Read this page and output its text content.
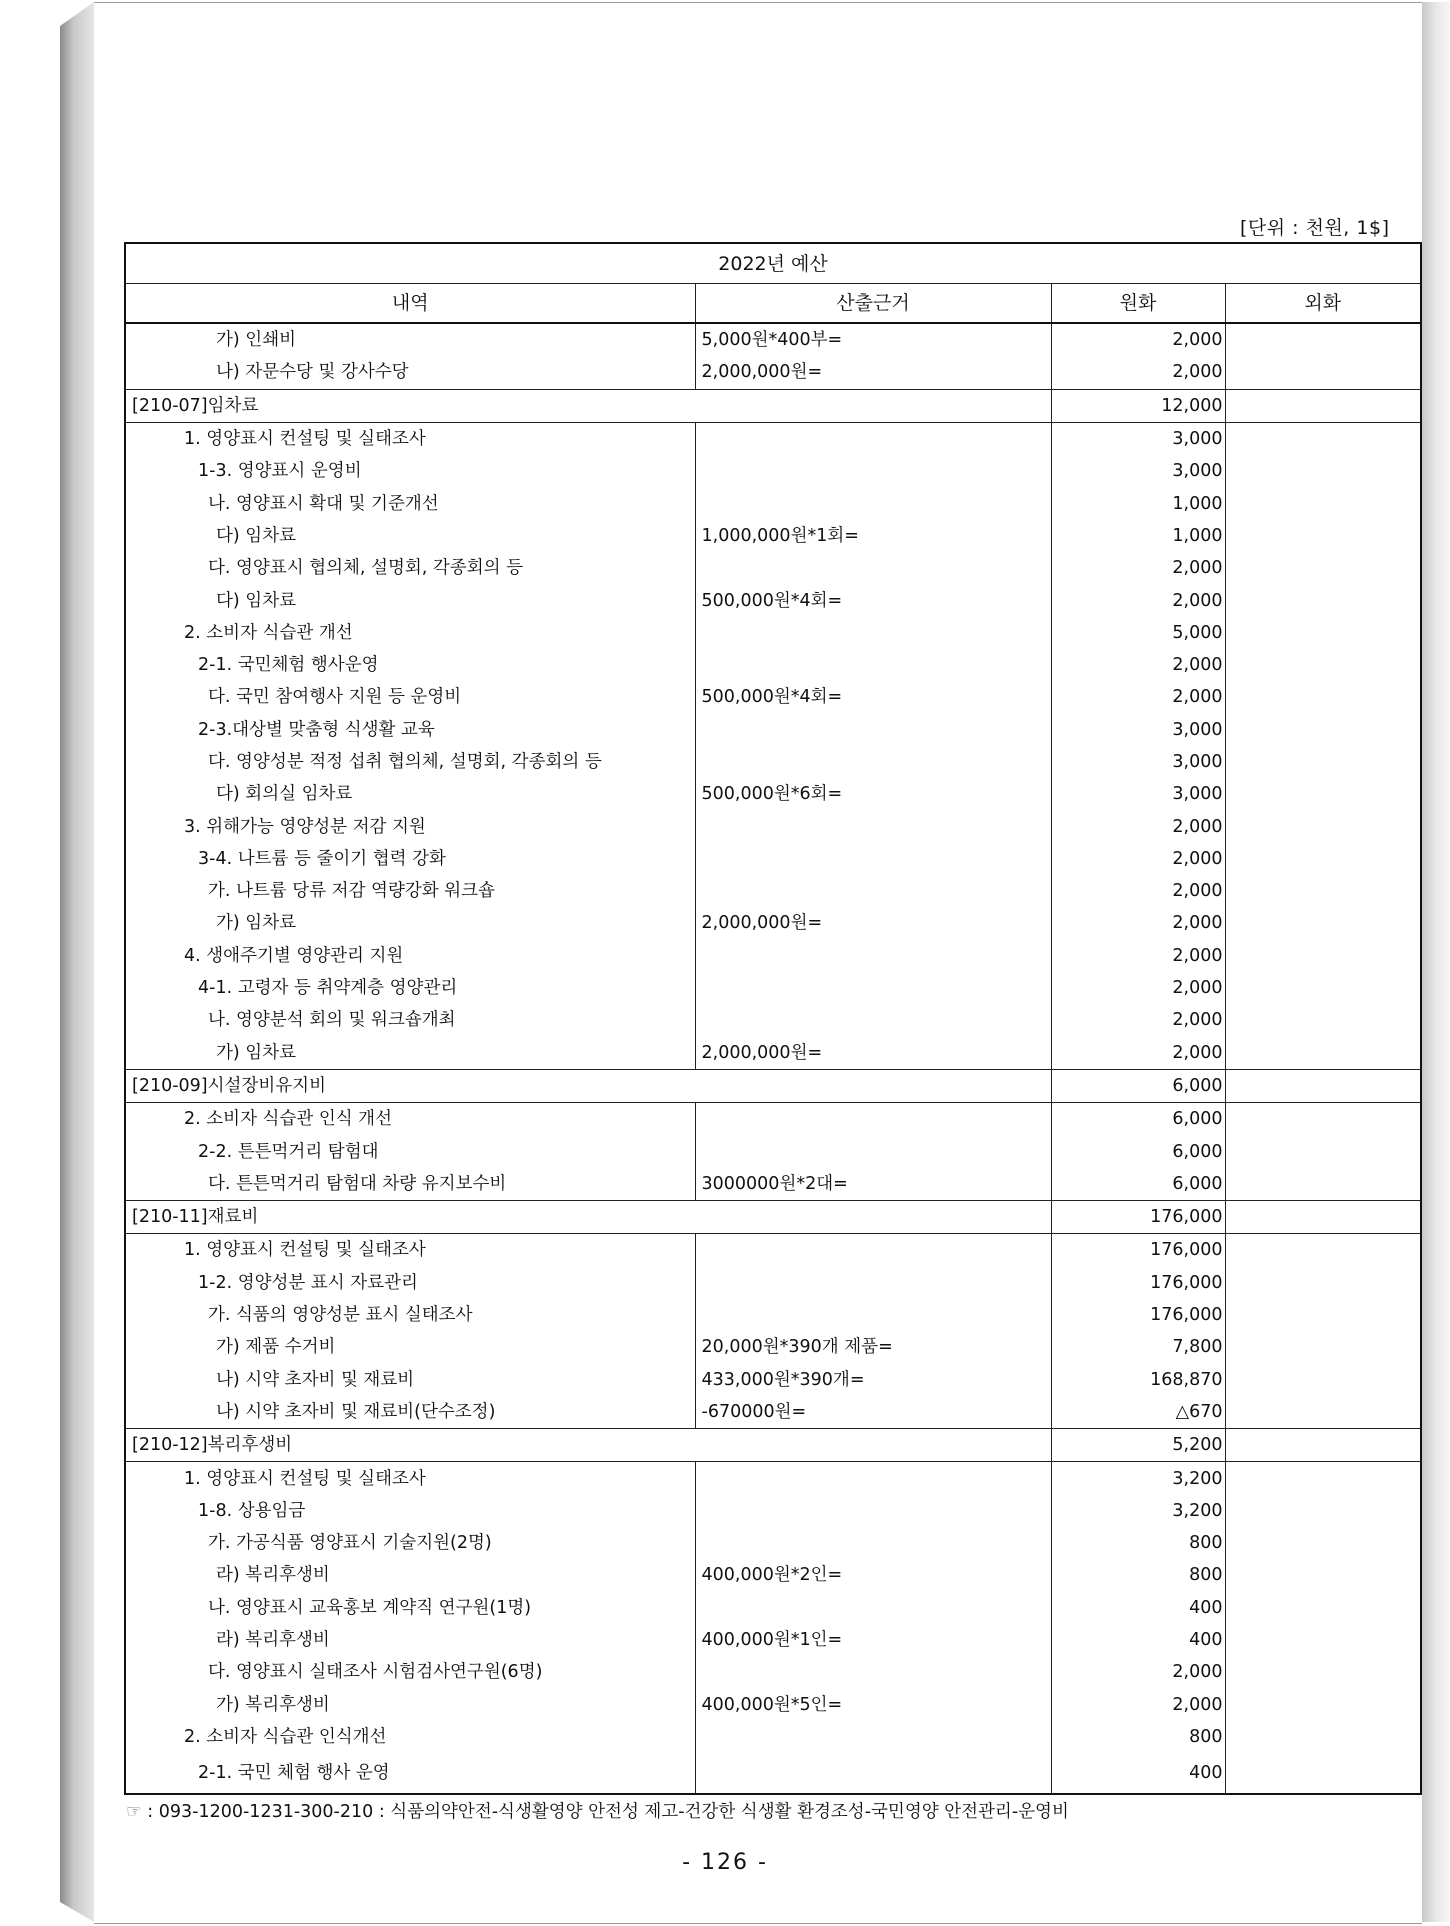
[단위 : 천원, 1$]
2022년 예산			
내역	산출근거	원화	외화
가) 인쇄비	5,000원*400부=	2,000	
나) 자문수당 및 강사수당	2,000,000원=	2,000	
[210-07]임차료		12,000	
1. 영양표시 컨설팅 및 실태조사		3,000	
1-3. 영양표시 운영비		3,000	
나. 영양표시 확대 및 기준개선		1,000	
다) 임차료	1,000,000원*1회=	1,000	
다. 영양표시 협의체, 설명회, 각종회의 등		2,000	
다) 임차료	500,000원*4회=	2,000	
2. 소비자 식습관 개선		5,000	
2-1. 국민체험 행사운영		2,000	
다. 국민 참여행사 지원 등 운영비	500,000원*4회=	2,000	
2-3.대상별 맞춤형 식생활 교육		3,000	
다. 영양성분 적정 섭취 협의체, 설명회, 각종회의 등		3,000	
다) 회의실 임차료	500,000원*6회=	3,000	
3. 위해가능 영양성분 저감 지원		2,000	
3-4. 나트륨 등 줄이기 협력 강화		2,000	
가. 나트륨 당류 저감 역량강화 워크숍		2,000	
가) 임차료	2,000,000원=	2,000	
4. 생애주기별 영양관리 지원		2,000	
4-1. 고령자 등 취약계층 영양관리		2,000	
나. 영양분석 회의 및 워크숍개최		2,000	
가) 임차료	2,000,000원=	2,000	
[210-09]시설장비유지비		6,000	
2. 소비자 식습관 인식 개선		6,000	
2-2. 튼튼먹거리 탐험대		6,000	
다. 튼튼먹거리 탐험대 차량 유지보수비	3000000원*2대=	6,000	
[210-11]재료비		176,000	
1. 영양표시 컨설팅 및 실태조사		176,000	
1-2. 영양성분 표시 자료관리		176,000	
가. 식품의 영양성분 표시 실태조사		176,000	
가) 제품 수거비	20,000원*390개 제품=	7,800	
나) 시약 초자비 및 재료비	433,000원*390개=	168,870	
나) 시약 초자비 및 재료비(단수조정)	-670000원=	△670	
[210-12]복리후생비		5,200	
1. 영양표시 컨설팅 및 실태조사		3,200	
1-8. 상용임금		3,200	
가. 가공식품 영양표시 기술지원(2명)		800	
라) 복리후생비	400,000원*2인=	800	
나. 영양표시 교육홍보 계약직 연구원(1명)		400	
라) 복리후생비	400,000원*1인=	400	
다. 영양표시 실태조사 시험검사연구원(6명)		2,000	
가) 복리후생비	400,000원*5인=	2,000	
2. 소비자 식습관 인식개선		800	
2-1. 국민 체험 행사 운영		400	
☞ : 093-1200-1231-300-210 : 식품의약안전-식생활영양 안전성 제고-건강한 식생활 환경조성-국민영양 안전관리-운영비
- 126 -
